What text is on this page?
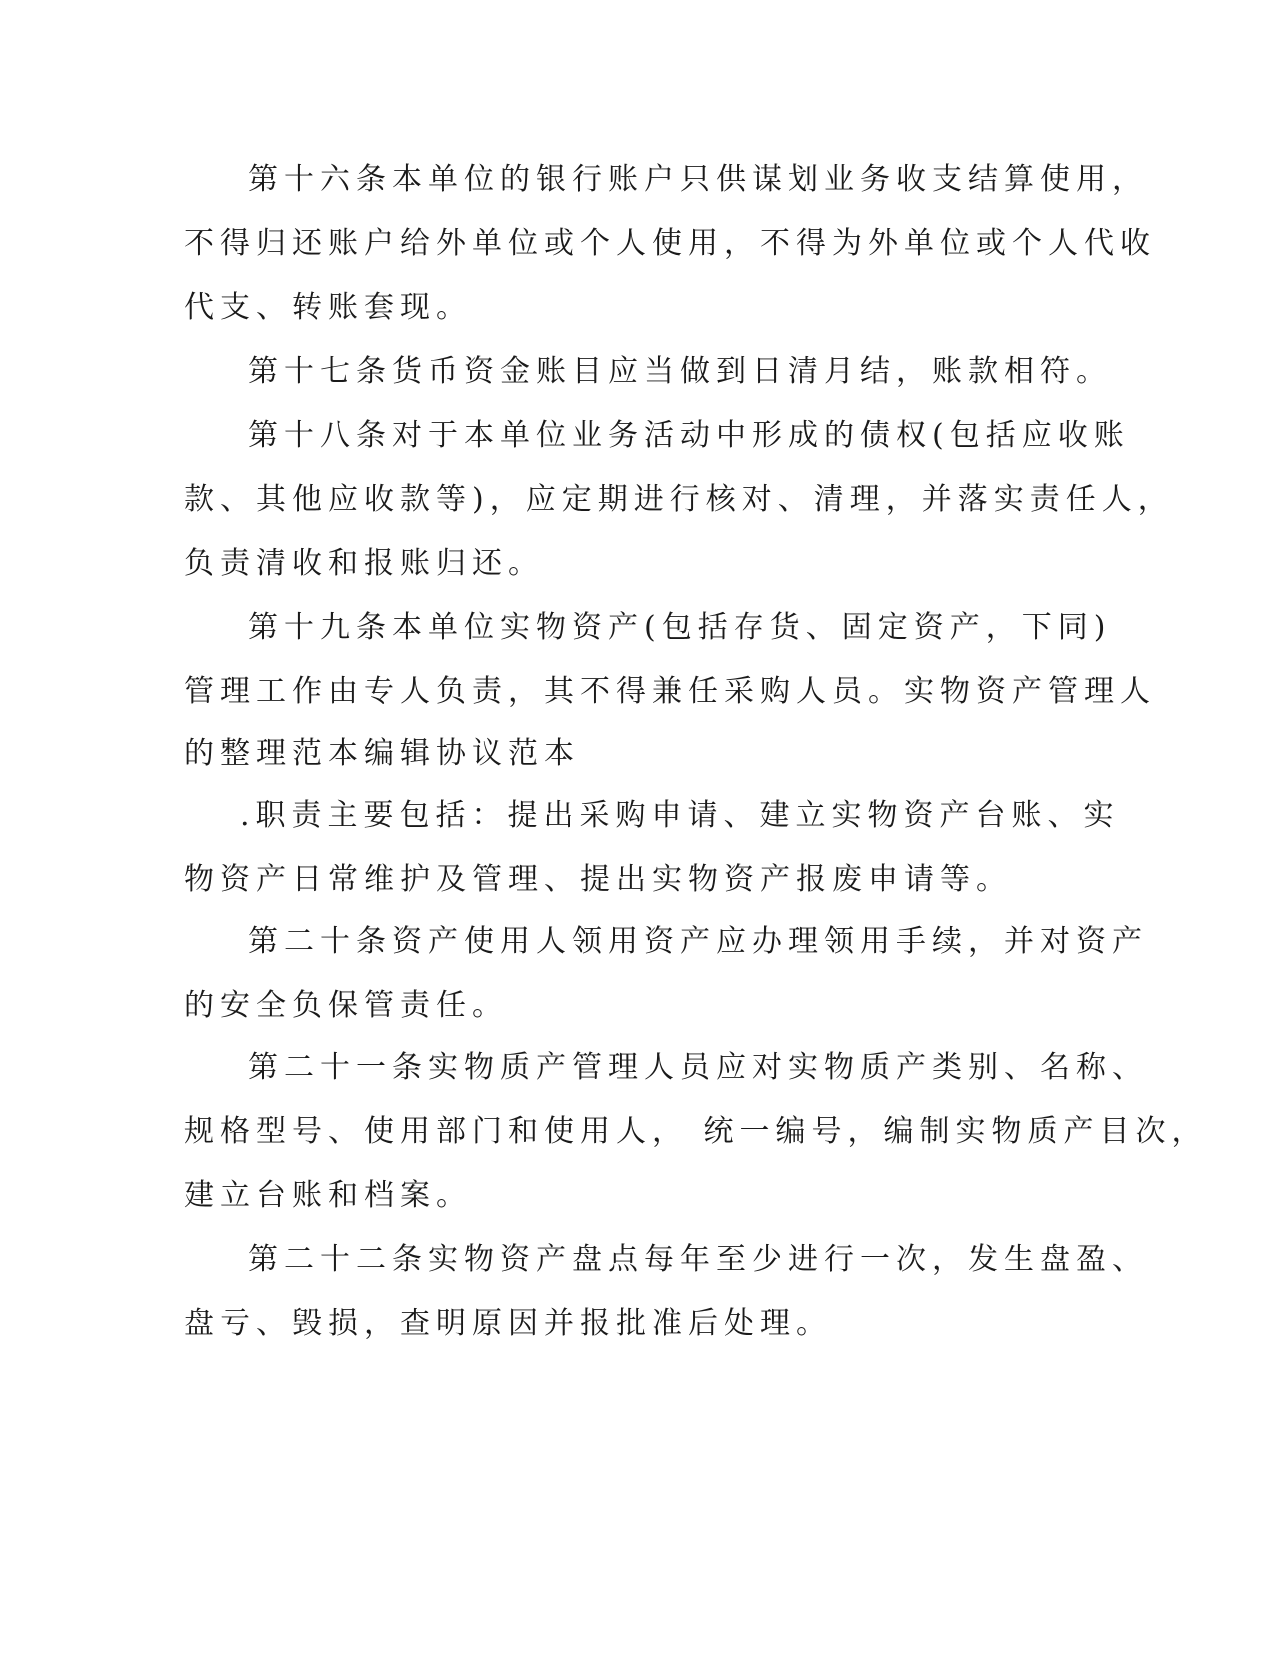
第十六条本单位的银行账户只供谋划业务收支结算使用，
不得归还账户给外单位或个人使用，不得为外单位或个人代收
代支、转账套现。
第十七条货币资金账目应当做到日清月结，账款相符。
第十八条对于本单位业务活动中形成的债权(包括应收账
款、其他应收款等)，应定期进行核对、清理，并落实责任人，
负责清收和报账归还。
第十九条本单位实物资产(包括存货、固定资产，下同)
管理工作由专人负责，其不得兼任采购人员。实物资产管理人
的整理范本编辑协议范本
.职责主要包括：提出采购申请、建立实物资产台账、实
物资产日常维护及管理、提出实物资产报废申请等。
第二十条资产使用人领用资产应办理领用手续，并对资产
的安全负保管责任。
第二十一条实物质产管理人员应对实物质产类别、名称、
规格型号、使用部门和使用人， 统一编号，编制实物质产目次，
建立台账和档案。
第二十二条实物资产盘点每年至少进行一次，发生盘盈、
盘亏、毁损，查明原因并报批准后处理。
